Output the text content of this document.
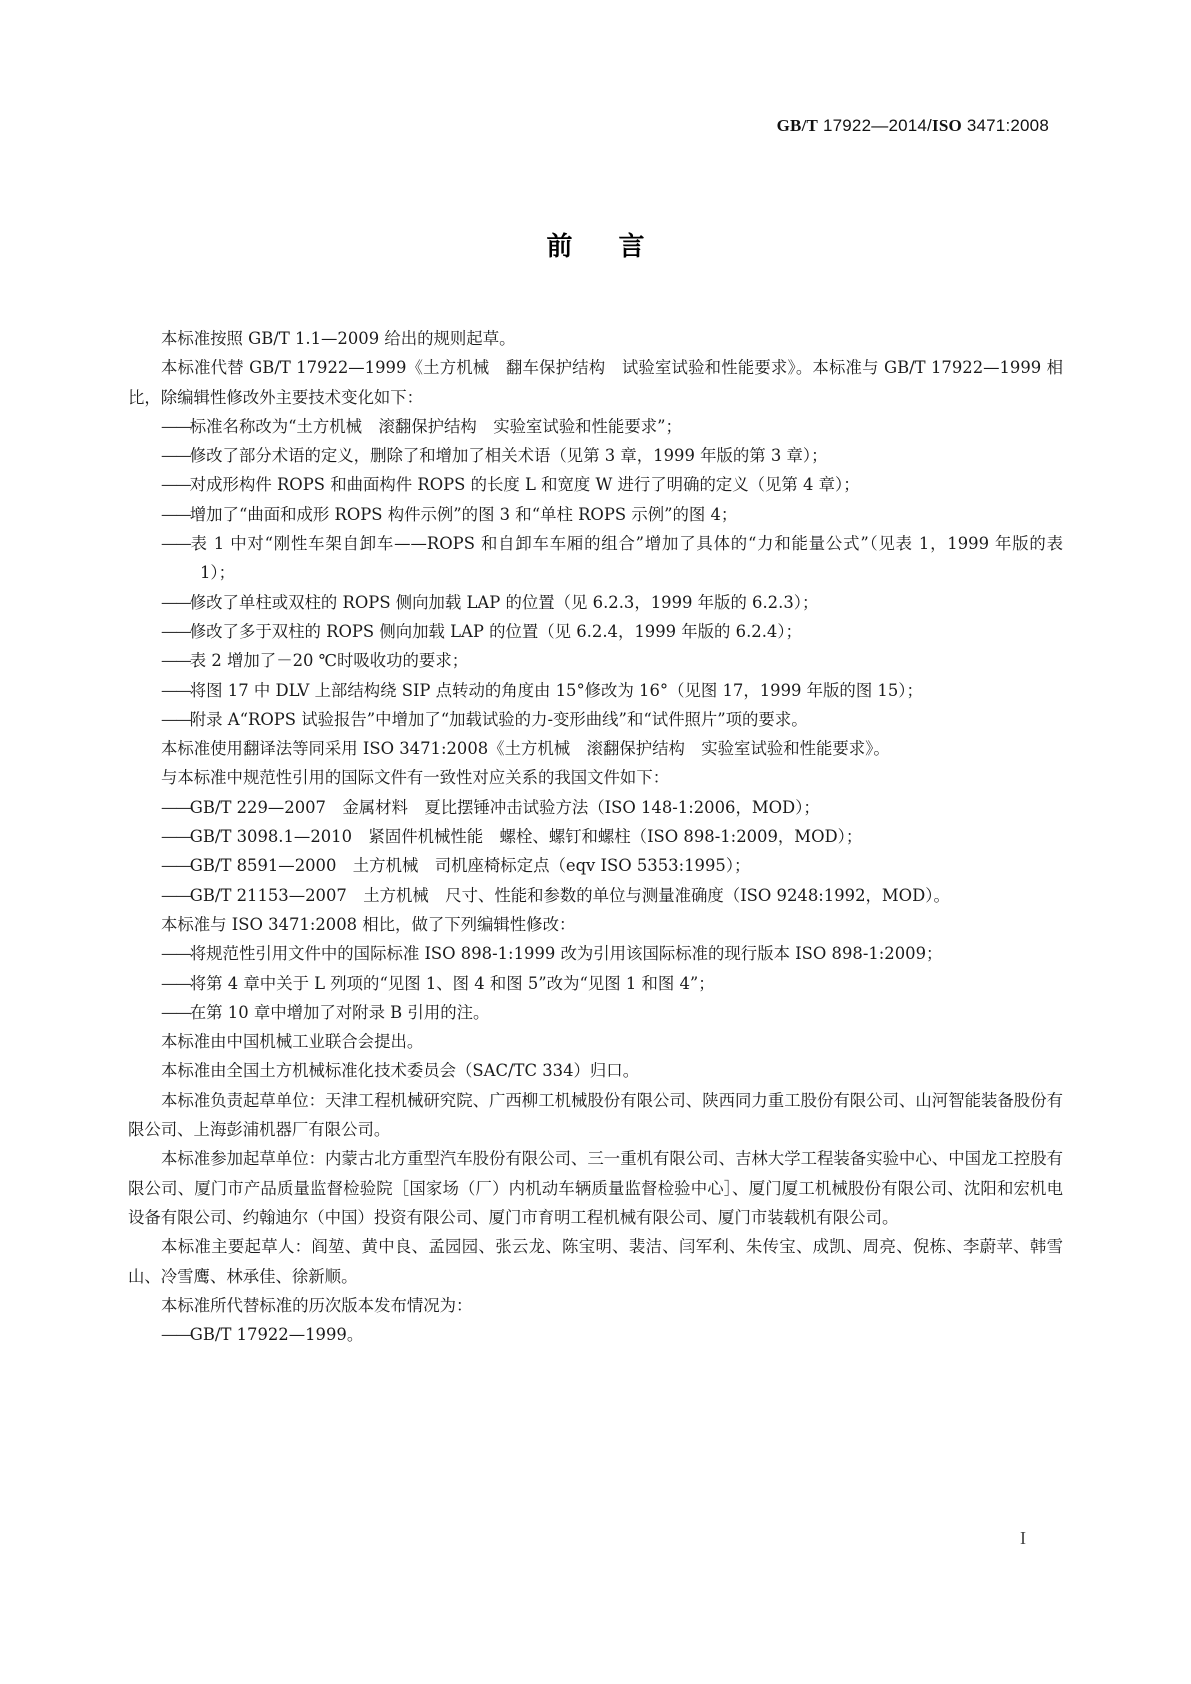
GB/T 17922—2014/ISO 3471:2008
前言

本标准按照 GB/T 1.1—2009 给出的规则起草。

本标准代替 GB/T 17922—1999《土方机械　翻车保护结构　试验室试验和性能要求》。本标准与 GB/T 17922—1999 相比，除编辑性修改外主要技术变化如下：

——标准名称改为“土方机械　滚翻保护结构　实验室试验和性能要求”；

——修改了部分术语的定义，删除了和增加了相关术语（见第 3 章，1999 年版的第 3 章）；

——对成形构件 ROPS 和曲面构件 ROPS 的长度 L 和宽度 W 进行了明确的定义（见第 4 章）；

——增加了“曲面和成形 ROPS 构件示例”的图 3 和“单柱 ROPS 示例”的图 4；

——表 1 中对“刚性车架自卸车——ROPS 和自卸车车厢的组合”增加了具体的“力和能量公式”（见表 1，1999 年版的表 1）；

——修改了单柱或双柱的 ROPS 侧向加载 LAP 的位置（见 6.2.3，1999 年版的 6.2.3）；

——修改了多于双柱的 ROPS 侧向加载 LAP 的位置（见 6.2.4，1999 年版的 6.2.4）；

——表 2 增加了－20 ℃时吸收功的要求；

——将图 17 中 DLV 上部结构绕 SIP 点转动的角度由 15°修改为 16°（见图 17，1999 年版的图 15）；

——附录 A“ROPS 试验报告”中增加了“加载试验的力-变形曲线”和“试件照片”项的要求。

本标准使用翻译法等同采用 ISO 3471:2008《土方机械　滚翻保护结构　实验室试验和性能要求》。

与本标准中规范性引用的国际文件有一致性对应关系的我国文件如下：

——GB/T 229—2007　金属材料　夏比摆锤冲击试验方法（ISO 148-1:2006，MOD）；

——GB/T 3098.1—2010　紧固件机械性能　螺栓、螺钉和螺柱（ISO 898-1:2009，MOD）；

——GB/T 8591—2000　土方机械　司机座椅标定点（eqv ISO 5353:1995）；

——GB/T 21153—2007　土方机械　尺寸、性能和参数的单位与测量准确度（ISO 9248:1992，MOD）。

本标准与 ISO 3471:2008 相比，做了下列编辑性修改：

——将规范性引用文件中的国际标准 ISO 898-1:1999 改为引用该国际标准的现行版本 ISO 898-1:2009；

——将第 4 章中关于 L 列项的“见图 1、图 4 和图 5”改为“见图 1 和图 4”；

——在第 10 章中增加了对附录 B 引用的注。

本标准由中国机械工业联合会提出。

本标准由全国土方机械标准化技术委员会（SAC/TC 334）归口。

本标准负责起草单位：天津工程机械研究院、广西柳工机械股份有限公司、陕西同力重工股份有限公司、山河智能装备股份有限公司、上海彭浦机器厂有限公司。

本标准参加起草单位：内蒙古北方重型汽车股份有限公司、三一重机有限公司、吉林大学工程装备实验中心、中国龙工控股有限公司、厦门市产品质量监督检验院［国家场（厂）内机动车辆质量监督检验中心］、厦门厦工机械股份有限公司、沈阳和宏机电设备有限公司、约翰迪尔（中国）投资有限公司、厦门市育明工程机械有限公司、厦门市装载机有限公司。

本标准主要起草人：阎堃、黄中良、孟园园、张云龙、陈宝明、裴洁、闫军利、朱传宝、成凯、周亮、倪栋、李蔚苹、韩雪山、冷雪鹰、林承佳、徐新顺。

本标准所代替标准的历次版本发布情况为：

——GB/T 17922—1999。

I
